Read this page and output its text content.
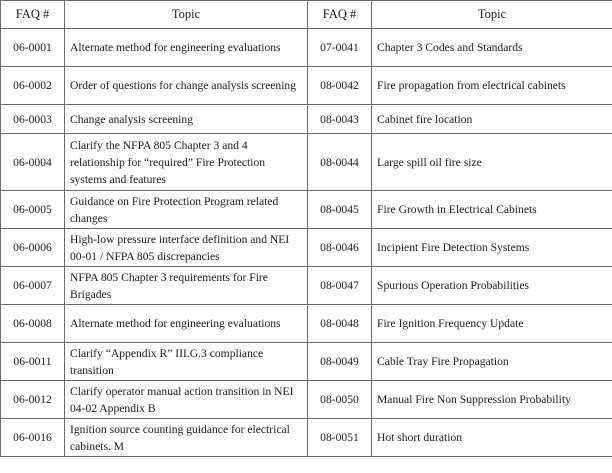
FAQ #	Topic	FAQ #	Topic
06-0001	Alternate method for engineering evaluations	07-0041	Chapter 3 Codes and Standards
06-0002	Order of questions for change analysis screening	08-0042	Fire propagation from electrical cabinets
06-0003	Change analysis screening	08-0043	Cabinet fire location
06-0004	Clarify the NFPA 805 Chapter 3 and 4 relationship for “required” Fire Protection systems and features	08-0044	Large spill oil fire size
06-0005	Guidance on Fire Protection Program related changes	08-0045	Fire Growth in Electrical Cabinets
06-0006	High-low pressure interface definition and NEI 00-01 / NFPA 805 discrepancies	08-0046	Incipient Fire Detection Systems
06-0007	NFPA 805 Chapter 3 requirements for Fire Brigades	08-0047	Spurious Operation Probabilities
06-0008	Alternate method for engineering evaluations	08-0048	Fire Ignition Frequency Update
06-0011	Clarify “Appendix R” III.G.3 compliance transition	08-0049	Cable Tray Fire Propagation
06-0012	Clarify operator manual action transition in NEI 04-02 Appendix B	08-0050	Manual Fire Non Suppression Probability
06-0016	Ignition source counting guidance for electrical cabinets. M	08-0051	Hot short duration
